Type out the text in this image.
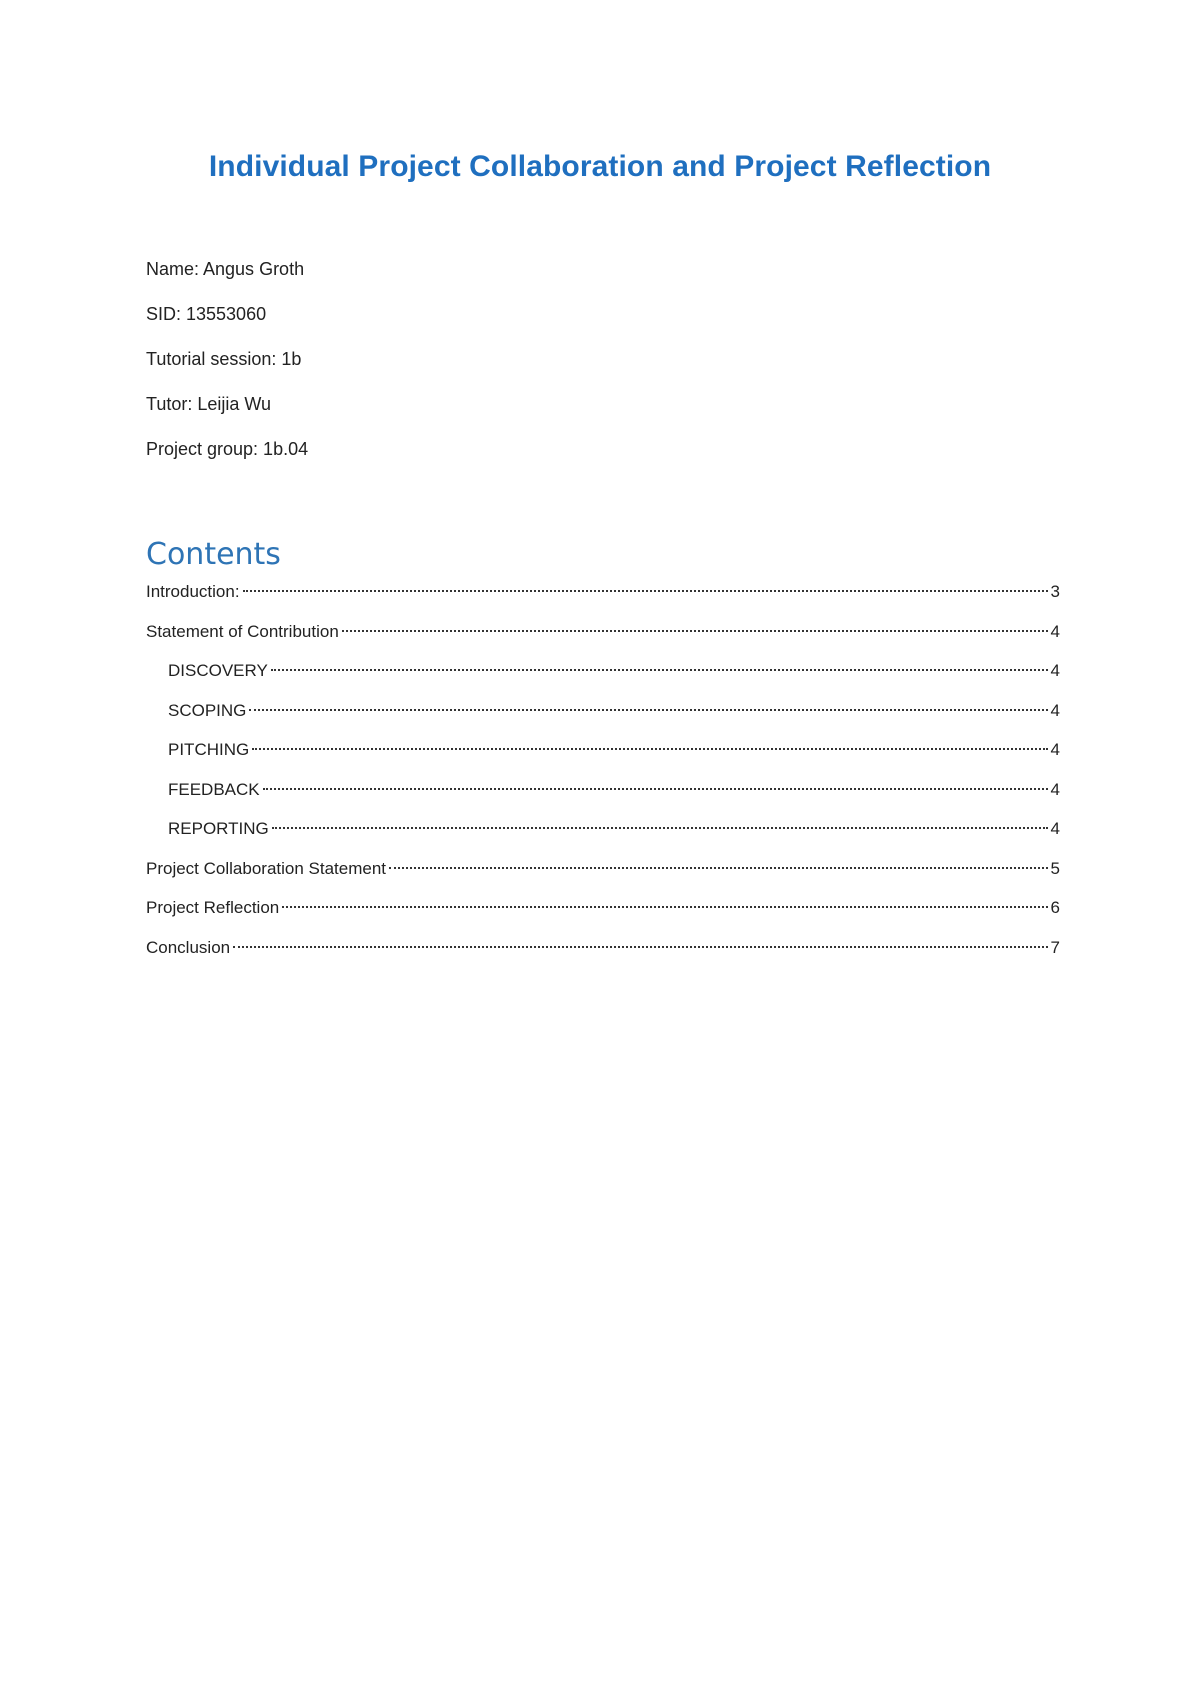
Individual Project Collaboration and Project Reflection
Name: Angus Groth
SID: 13553060
Tutorial session: 1b
Tutor: Leijia Wu
Project group: 1b.04
Contents
Introduction:	3
Statement of Contribution	4
DISCOVERY	4
SCOPING	4
PITCHING	4
FEEDBACK	4
REPORTING	4
Project Collaboration Statement	5
Project Reflection	6
Conclusion	7
